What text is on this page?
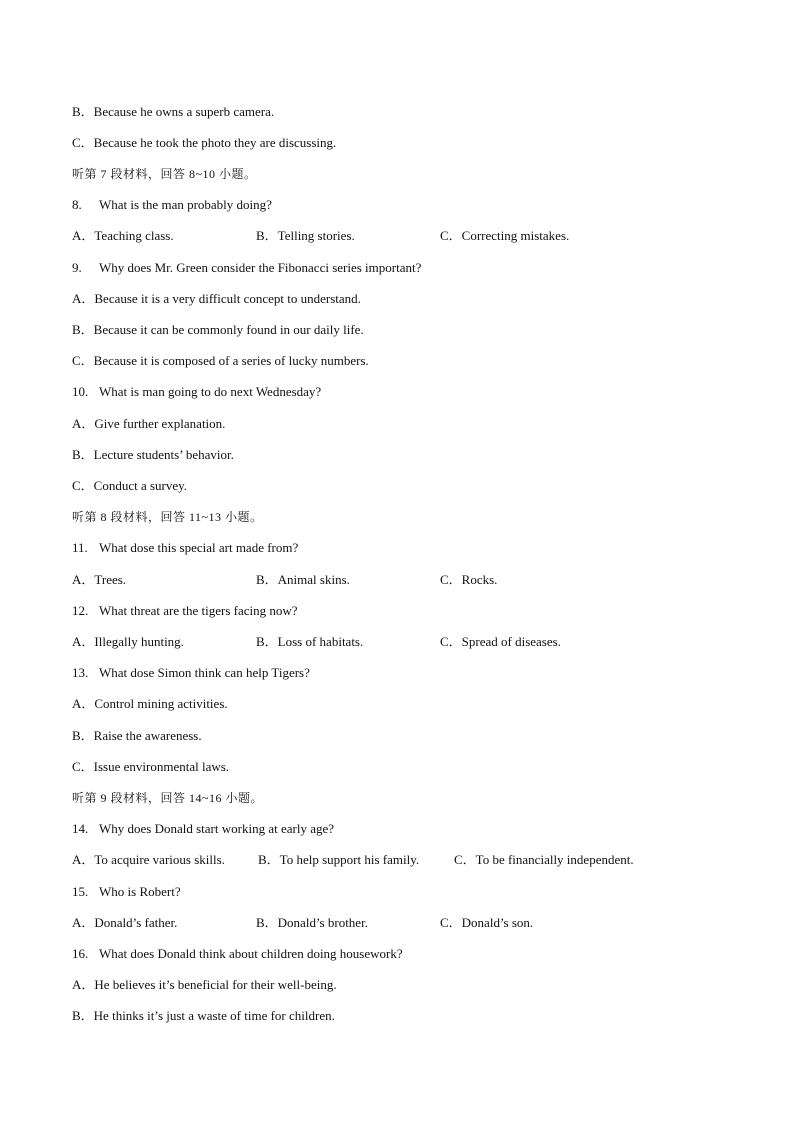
B．Because he owns a superb camera.
C．Because he took the photo they are discussing.
听第 7 段材料，回答 8~10 小题。
8. What is the man probably doing?
A．Teaching class.	B．Telling stories.	C．Correcting mistakes.
9. Why does Mr. Green consider the Fibonacci series important?
A．Because it is a very difficult concept to understand.
B．Because it can be commonly found in our daily life.
C．Because it is composed of a series of lucky numbers.
10. What is man going to do next Wednesday?
A．Give further explanation.
B．Lecture students’ behavior.
C．Conduct a survey.
听第 8 段材料，回答 11~13 小题。
11. What dose this special art made from?
A．Trees.	B．Animal skins.	C．Rocks.
12. What threat are the tigers facing now?
A．Illegally hunting.	B．Loss of habitats.	C．Spread of diseases.
13. What dose Simon think can help Tigers?
A．Control mining activities.
B．Raise the awareness.
C．Issue environmental laws.
听第 9 段材料，回答 14~16 小题。
14. Why does Donald start working at early age?
A．To acquire various skills.	B．To help support his family.	C．To be financially independent.
15. Who is Robert?
A．Donald’s father.	B．Donald’s brother.	C．Donald’s son.
16. What does Donald think about children doing housework?
A．He believes it’s beneficial for their well-being.
B．He thinks it’s just a waste of time for children.
